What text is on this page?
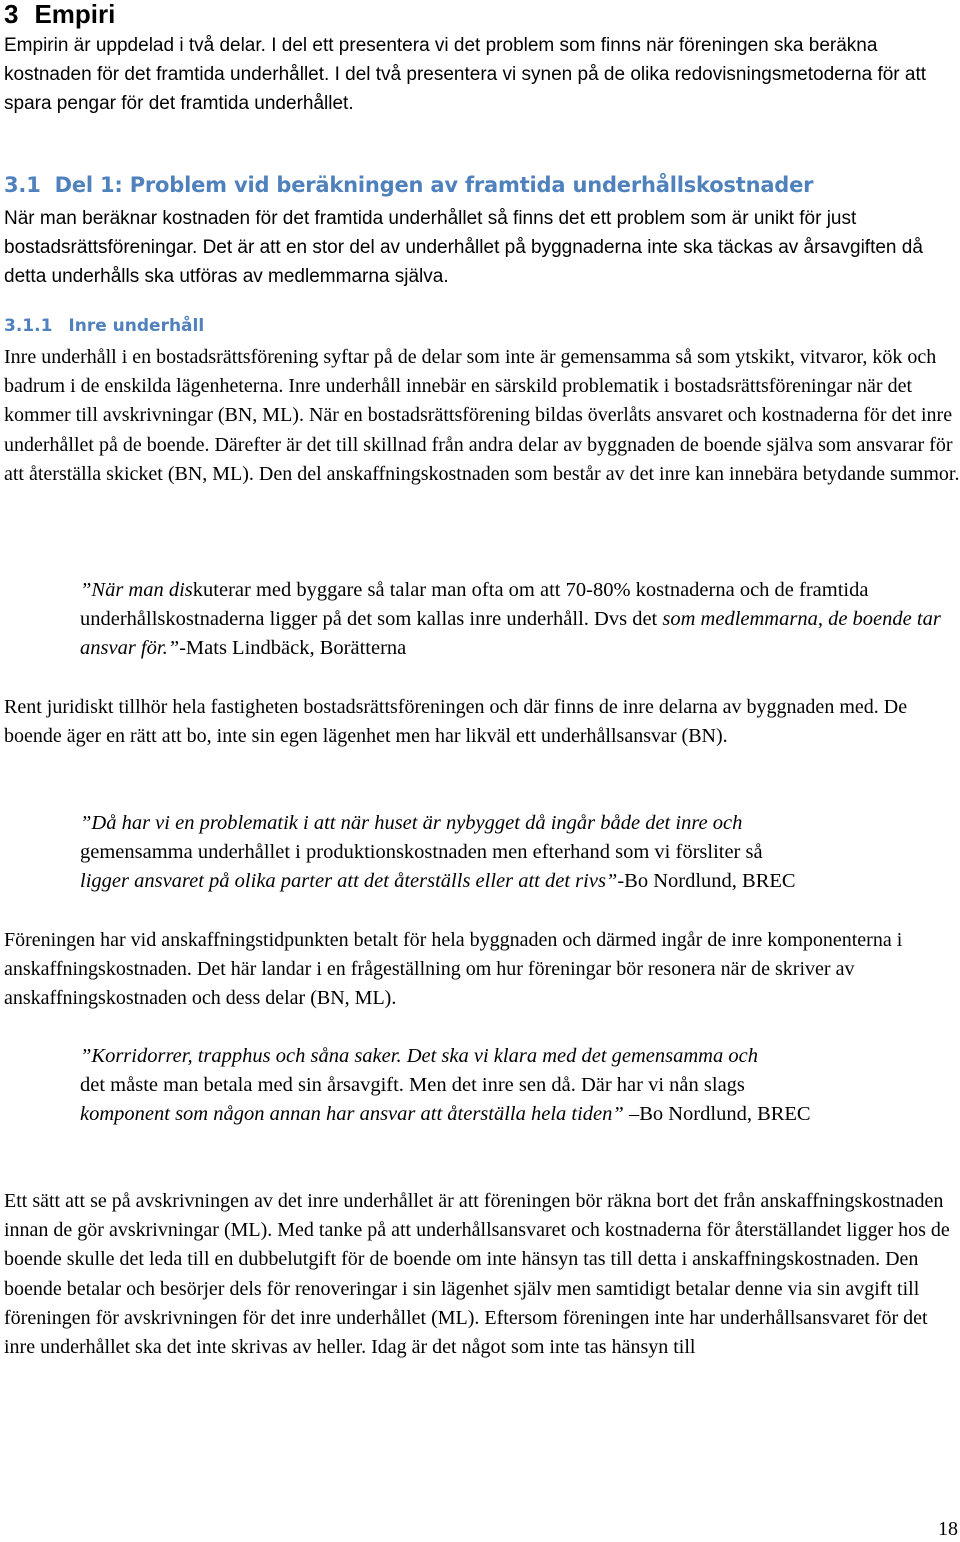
3 Empiri

Empirin är uppdelad i två delar. I del ett presentera vi det problem som finns när föreningen ska beräkna kostnaden för det framtida underhållet. I del två presentera vi synen på de olika redovisningsmetoderna för att spara pengar för det framtida underhållet.

3.1 Del 1: Problem vid beräkningen av framtida underhållskostnader

När man beräknar kostnaden för det framtida underhållet så finns det ett problem som är unikt för just bostadsrättsföreningar. Det är att en stor del av underhållet på byggnaderna inte ska täckas av årsavgiften då detta underhålls ska utföras av medlemmarna själva.

3.1.1 Inre underhåll

Inre underhåll i en bostadsrättsförening syftar på de delar som inte är gemensamma så som ytskikt, vitvaror, kök och badrum i de enskilda lägenheterna. Inre underhåll innebär en särskild problematik i bostadsrättsföreningar när det kommer till avskrivningar (BN, ML). När en bostadsrättsförening bildas överlåts ansvaret och kostnaderna för det inre underhållet på de boende. Därefter är det till skillnad från andra delar av byggnaden de boende själva som ansvarar för att återställa skicket (BN, ML). Den del anskaffningskostnaden som består av det inre kan innebära betydande summor.

”När man diskuterar med byggare så talar man ofta om att 70-80% kostnaderna och de framtida underhållskostnaderna ligger på det som kallas inre underhåll. Dvs det som medlemmarna, de boende tar ansvar för.”-Mats Lindbäck, Borätterna

Rent juridiskt tillhör hela fastigheten bostadsrättsföreningen och där finns de inre delarna av byggnaden med. De boende äger en rätt att bo, inte sin egen lägenhet men har likväl ett underhållsansvar (BN).

”Då har vi en problematik i att när huset är nybygget då ingår både det inre och
gemensamma underhållet i produktionskostnaden men efterhand som vi försliter så
ligger ansvaret på olika parter att det återställs eller att det rivs”-Bo Nordlund, BREC

Föreningen har vid anskaffningstidpunkten betalt för hela byggnaden och därmed ingår de inre komponenterna i anskaffningskostnaden. Det här landar i en frågeställning om hur föreningar bör resonera när de skriver av anskaffningskostnaden och dess delar (BN, ML).

”Korridorrer, trapphus och såna saker. Det ska vi klara med det gemensamma och
det måste man betala med sin årsavgift. Men det inre sen då. Där har vi nån slags
komponent som någon annan har ansvar att återställa hela tiden” –Bo Nordlund, BREC

Ett sätt att se på avskrivningen av det inre underhållet är att föreningen bör räkna bort det från anskaffningskostnaden innan de gör avskrivningar (ML). Med tanke på att underhållsansvaret och kostnaderna för återställandet ligger hos de boende skulle det leda till en dubbelutgift för de boende om inte hänsyn tas till detta i anskaffningskostnaden. Den boende betalar och besörjer dels för renoveringar i sin lägenhet själv men samtidigt betalar denne via sin avgift till föreningen för avskrivningen för det inre underhållet (ML). Eftersom föreningen inte har underhållsansvaret för det inre underhållet ska det inte skrivas av heller. Idag är det något som inte tas hänsyn till

18
